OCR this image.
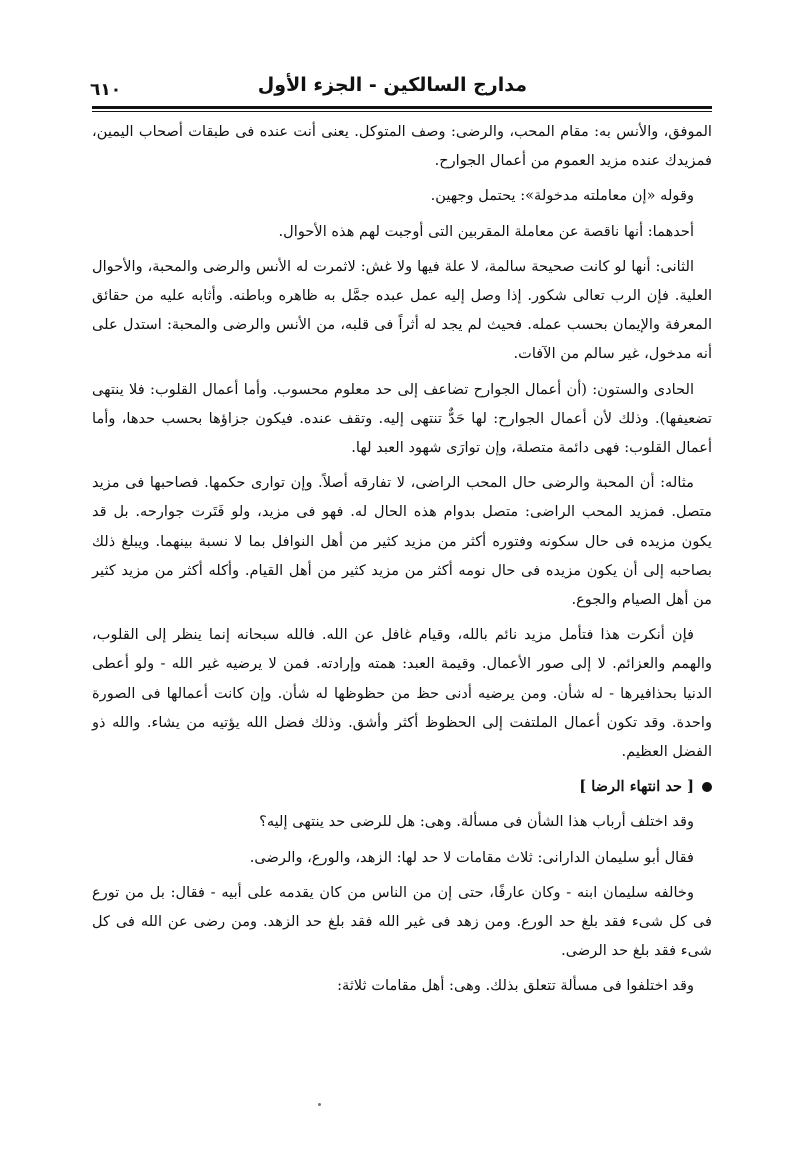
مدارج السالكين - الجزء الأول
٦١٠

الموفق، والأنس به: مقام المحب، والرضى: وصف المتوكل. يعنى أنت عنده فى طبقات أصحاب اليمين، فمزيدك عنده مزيد العموم من أعمال الجوارح.

وقوله «إن معاملته مدخولة»: يحتمل وجهين.

أحدهما: أنها ناقصة عن معاملة المقربين التى أوجبت لهم هذه الأحوال.

الثانى: أنها لو كانت صحيحة سالمة، لا علة فيها ولا غش: لاثمرت له الأنس والرضى والمحبة، والأحوال العلية. فإن الرب تعالى شكور. إذا وصل إليه عمل عبده جمَّل به ظاهره وباطنه. وأثابه عليه من حقائق المعرفة والإيمان بحسب عمله. فحيث لم يجد له أثراً فى قلبه، من الأنس والرضى والمحبة: استدل على أنه مدخول، غير سالم من الآفات.

الحادى والستون: (أن أعمال الجوارح تضاعف إلى حد معلوم محسوب. وأما أعمال القلوب: فلا ينتهى تضعيفها). وذلك لأن أعمال الجوارح: لها حَدٌّ تنتهى إليه. وتقف عنده. فيكون جزاؤها بحسب حدها، وأما أعمال القلوب: فهى دائمة متصلة، وإن توارَى شهود العبد لها.

مثاله: أن المحبة والرضى حال المحب الراضى، لا تفارقه أصلاً. وإن توارى حكمها. فصاحبها فى مزيد متصل. فمزيد المحب الراضى: متصل بدوام هذه الحال له. فهو فى مزيد، ولو فَتَرت جوارحه. بل قد يكون مزيده فى حال سكونه وفتوره أكثر من مزيد كثير من أهل النوافل بما لا نسبة بينهما. ويبلغ ذلك بصاحبه إلى أن يكون مزيده فى حال نومه أكثر من مزيد كثير من أهل القيام. وأكله أكثر من مزيد كثير من أهل الصيام والجوع.

فإن أنكرت هذا فتأمل مزيد نائم بالله، وقيام غافل عن الله. فالله سبحانه إنما ينظر إلى القلوب، والهمم والعزائم. لا إلى صور الأعمال. وقيمة العبد: همته وإرادته. فمن لا يرضيه غير الله - ولو أعطى الدنيا بحذافيرها - له شأن. ومن يرضيه أدنى حظ من حظوظها له شأن. وإن كانت أعمالها فى الصورة واحدة. وقد تكون أعمال الملتفت إلى الحظوظ أكثر وأشق. وذلك فضل الله يؤتيه من يشاء. والله ذو الفضل العظيم.

[ حد انتهاء الرضا ]

وقد اختلف أرباب هذا الشأن فى مسألة. وهى: هل للرضى حد ينتهى إليه؟

فقال أبو سليمان الدارانى: ثلاث مقامات لا حد لها: الزهد، والورع، والرضى.

وخالفه سليمان ابنه - وكان عارفًا، حتى إن من الناس من كان يقدمه على أبيه - فقال: بل من تورع فى كل شىء فقد بلغ حد الورع. ومن زهد فى غير الله فقد بلغ حد الزهد. ومن رضى عن الله فى كل شىء فقد بلغ حد الرضى.

وقد اختلفوا فى مسألة تتعلق بذلك. وهى: أهل مقامات ثلاثة:
